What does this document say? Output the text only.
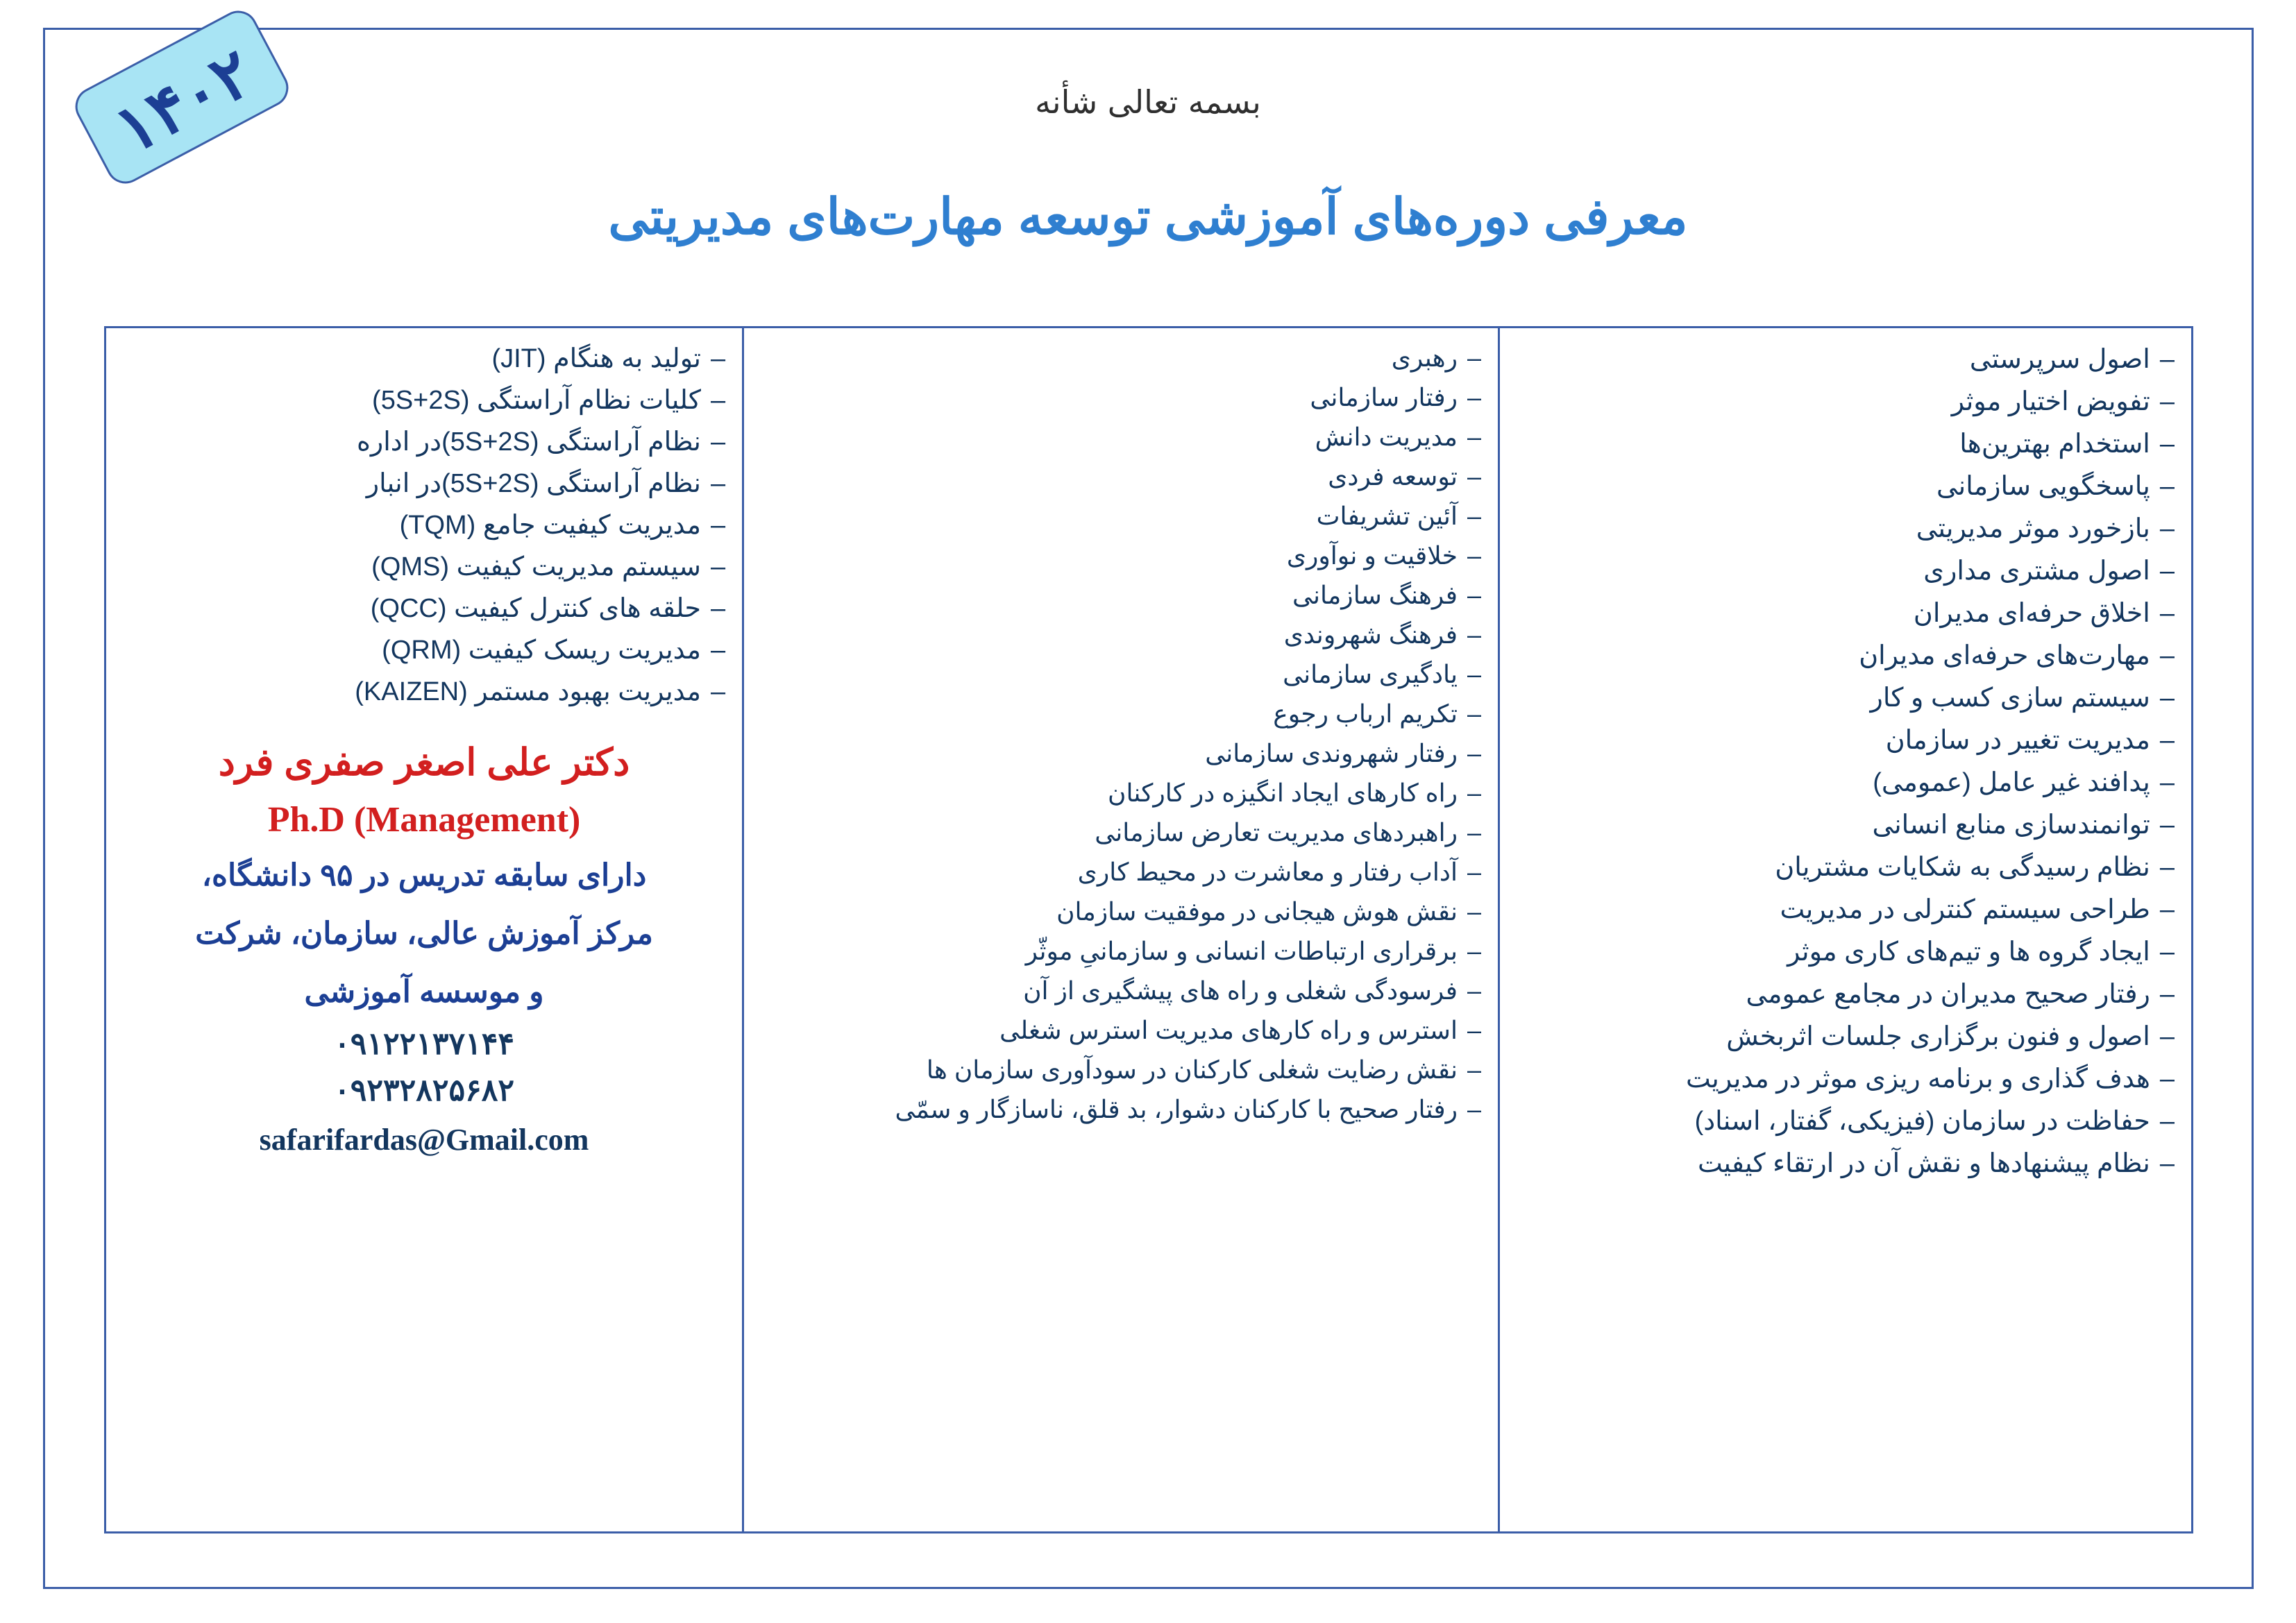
۱۴۰۲	بسمه تعالی شأنه
معرفی دوره‌های آموزشی توسعه مهارت‌های مدیریتی
–اصول سرپرستی
–تفویض اختیار موثر
–استخدام بهترین‌ها
–پاسخگویی سازمانی
–بازخورد موثر مدیریتی
–اصول مشتری مداری
–اخلاق حرفه‌ای مدیران
–مهارت‌های حرفه‌ای مدیران
–سیستم سازی کسب و کار
–مدیریت تغییر در سازمان
–پدافند غیر عامل (عمومی)
–توانمندسازی منابع انسانی
–نظام رسیدگی به شکایات مشتریان
–طراحی سیستم کنترلی در مدیریت
–ایجاد گروه ها و تیم‌های کاری موثر
–رفتار صحیح مدیران در مجامع عمومی
–اصول و فنون برگزاری جلسات اثربخش
–هدف گذاری و برنامه ریزی موثر در مدیریت
–حفاظت در سازمان (فیزیکی، گفتار، اسناد)
–نظام پیشنهادها و نقش آن در ارتقاء کیفیت
–رهبری
–رفتار سازمانی
–مدیریت دانش
–توسعه فردی
–آئین تشریفات
–خلاقیت و نوآوری
–فرهنگ سازمانی
–فرهنگ شهروندی
–یادگیری سازمانی
–تکریم ارباب رجوع
–رفتار شهروندی سازمانی
–راه کارهای ایجاد انگیزه در کارکنان
–راهبردهای مدیریت تعارض سازمانی
–آداب رفتار و معاشرت در محیط کاری
–نقش هوش هیجانی در موفقیت سازمان
–برقراری ارتباطات انسانی و سازمانیِ موثّر
–فرسودگی شغلی و راه های پیشگیری از آن
–استرس و راه کارهای مدیریت استرس شغلی
–نقش رضایت شغلی کارکنان در سودآوری سازمان ها
–رفتار صحیح با کارکنان دشوار، بد قلق، ناسازگار و سمّی
–تولید به هنگام (JIT)
–کلیات نظام آراستگی (5S+2S)
–نظام آراستگی (5S+2S)در اداره
–نظام آراستگی (5S+2S)در انبار
–مدیریت کیفیت جامع (TQM)
–سیستم مدیریت کیفیت (QMS)
–حلقه های کنترل کیفیت (QCC)
–مدیریت ریسک کیفیت (QRM)
–مدیریت بهبود مستمر (KAIZEN)
دکتر علی اصغر صفری فرد
Ph.D (Management)
دارای سابقه تدریس در ۹۵ دانشگاه،
مرکز آموزش عالی، سازمان، شرکت
و موسسه آموزشی
۰۹۱۲۲۱۳۷۱۴۴
۰۹۲۳۲۸۲۵۶۸۲
safarifardas@Gmail.com
